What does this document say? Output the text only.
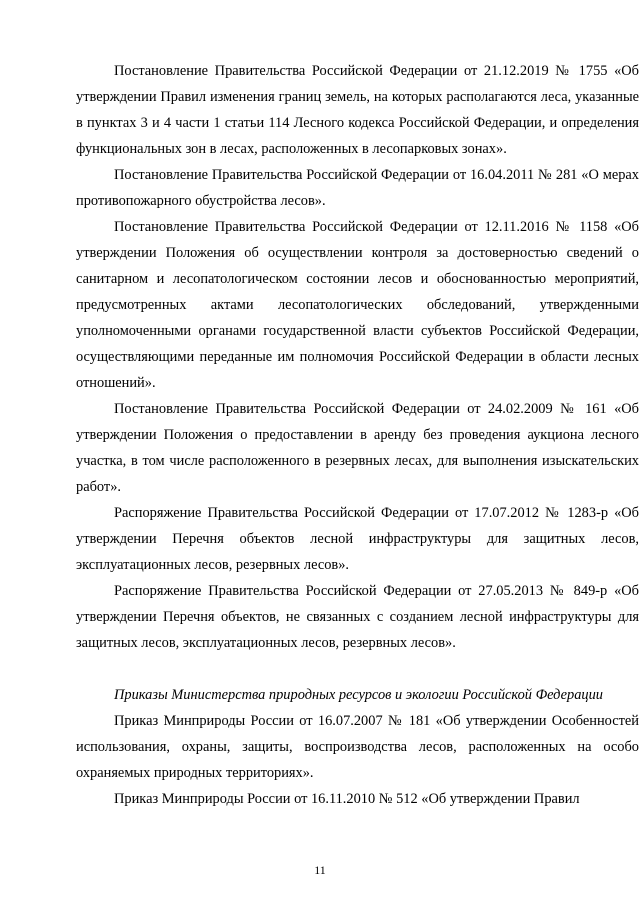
Постановление Правительства Российской Федерации от 21.12.2019 № 1755 «Об утверждении Правил изменения границ земель, на которых располагаются леса, указанные в пунктах 3 и 4 части 1 статьи 114 Лесного кодекса Российской Федерации, и определения функциональных зон в лесах, расположенных в лесопарковых зонах».

Постановление Правительства Российской Федерации от 16.04.2011 № 281 «О мерах противопожарного обустройства лесов».

Постановление Правительства Российской Федерации от 12.11.2016 № 1158 «Об утверждении Положения об осуществлении контроля за достоверностью сведений о санитарном и лесопатологическом состоянии лесов и обоснованностью мероприятий, предусмотренных актами лесопатологических обследований, утвержденными уполномоченными органами государственной власти субъектов Российской Федерации, осуществляющими переданные им полномочия Российской Федерации в области лесных отношений».

Постановление Правительства Российской Федерации от 24.02.2009 № 161 «Об утверждении Положения о предоставлении в аренду без проведения аукциона лесного участка, в том числе расположенного в резервных лесах, для выполнения изыскательских работ».

Распоряжение Правительства Российской Федерации от 17.07.2012 № 1283-р «Об утверждении Перечня объектов лесной инфраструктуры для защитных лесов, эксплуатационных лесов, резервных лесов».

Распоряжение Правительства Российской Федерации от 27.05.2013 № 849-р «Об утверждении Перечня объектов, не связанных с созданием лесной инфраструктуры для защитных лесов, эксплуатационных лесов, резервных лесов».

Приказы Министерства природных ресурсов и экологии Российской Федерации

Приказ Минприроды России от 16.07.2007 № 181 «Об утверждении Особенностей использования, охраны, защиты, воспроизводства лесов, расположенных на особо охраняемых природных территориях».

Приказ Минприроды России от 16.11.2010 № 512 «Об утверждении Правил

11
